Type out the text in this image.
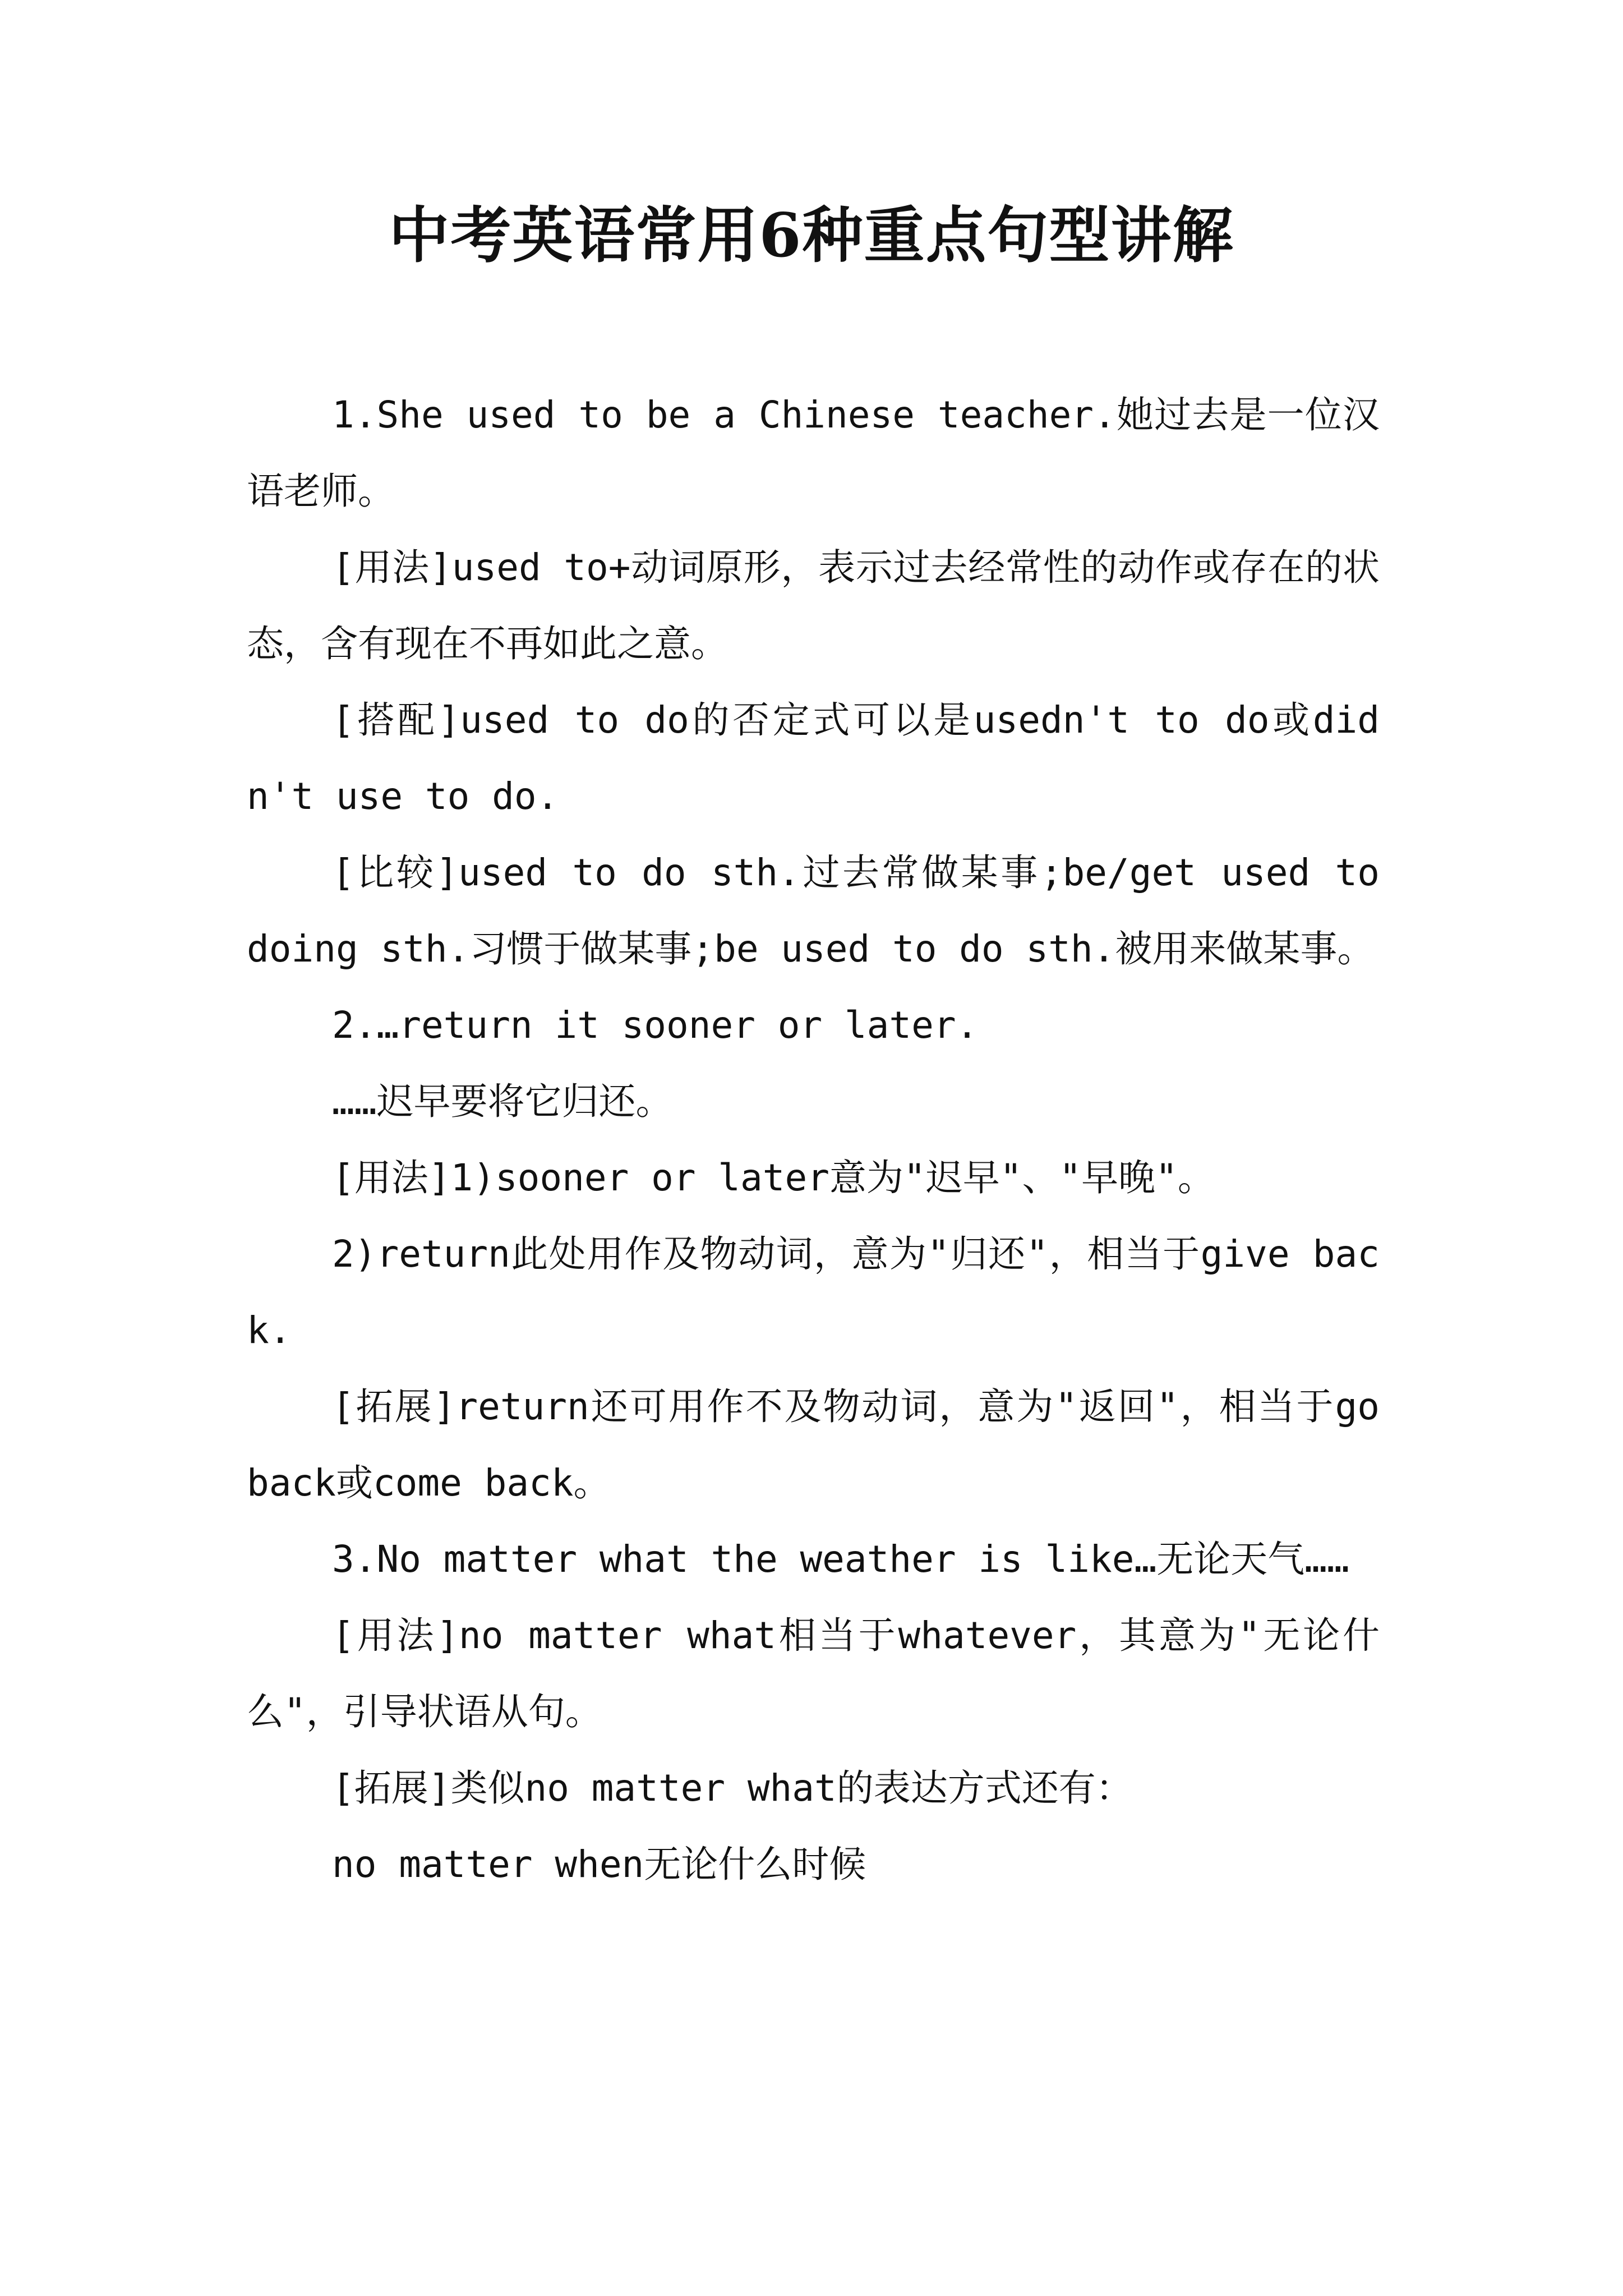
中考英语常用6种重点句型讲解

1.She used to be a Chinese teacher.她过去是一位汉语老师。

[用法]used to+动词原形，表示过去经常性的动作或存在的状态，含有现在不再如此之意。

[搭配]used to do的否定式可以是usedn't to do或didn't use to do.

[比较]used to do sth.过去常做某事;be/get used to doing sth.习惯于做某事;be used to do sth.被用来做某事。

2.…return it sooner or later.

……迟早要将它归还。

[用法]1)sooner or later意为"迟早"、"早晚"。

2)return此处用作及物动词，意为"归还"，相当于give back.

[拓展]return还可用作不及物动词，意为"返回"，相当于go back或come back。

3.No matter what the weather is like…无论天气……

[用法]no matter what相当于whatever，其意为"无论什么"，引导状语从句。

[拓展]类似no matter what的表达方式还有：

no matter when无论什么时候
